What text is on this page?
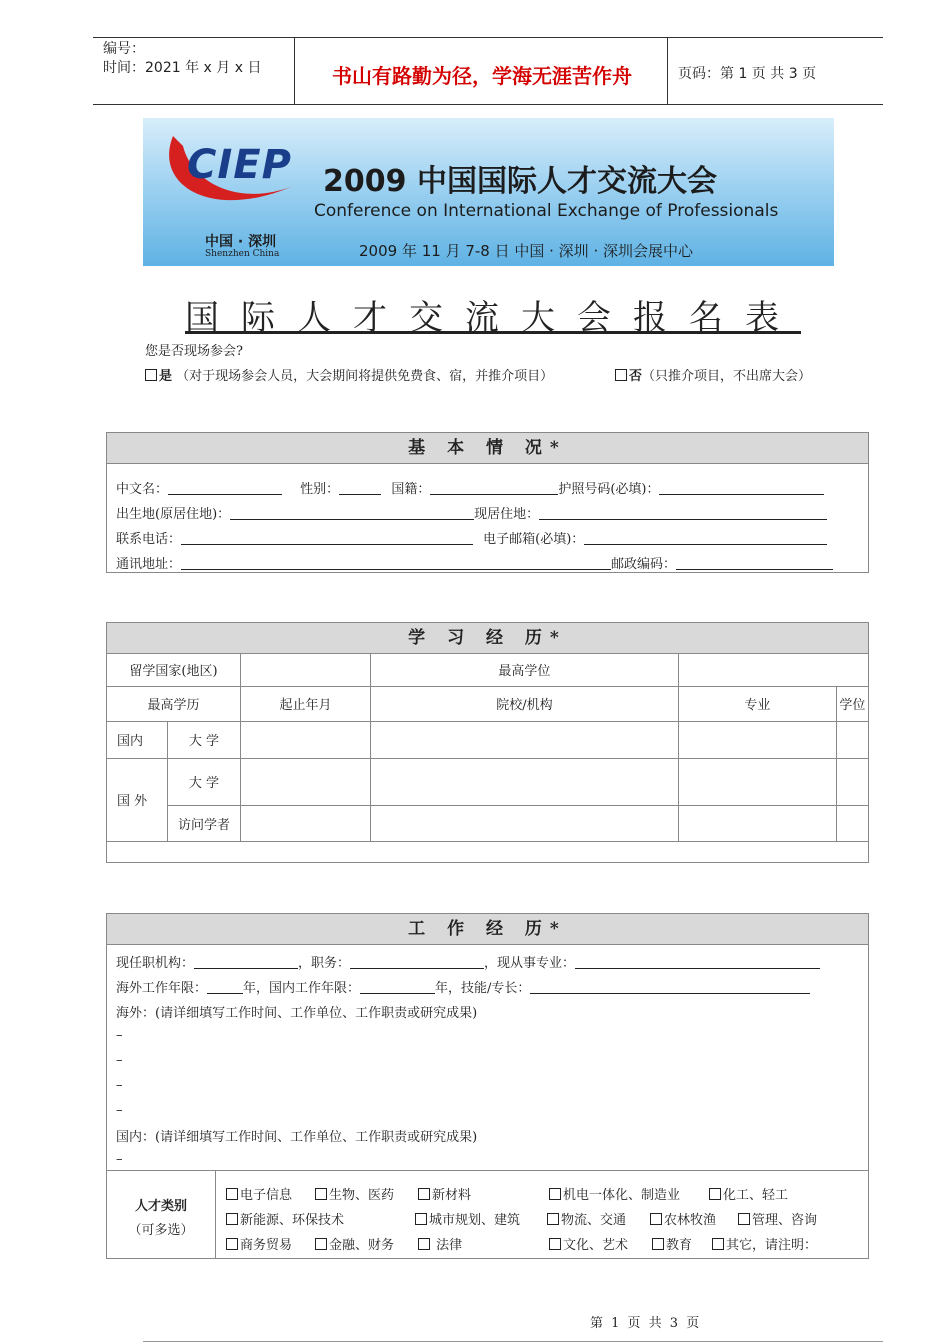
编号：
时间：2021 年 x 月 x 日	书山有路勤为径，学海无涯苦作舟	页码：第 1 页 共 3 页
CIEP 2009 中国国际人才交流大会
Conference on International Exchange of Professionals
中国 · 深圳
Shenzhen China	2009 年 11 月 7-8 日 中国 · 深圳 · 深圳会展中心
国际人才交流大会报名表
您是否现场参会?
是 （对于现场参会人员，大会期间将提供免费食、宿，并推介项目）	否（只推介项目，不出席大会）
基 本 情 况*
中文名：	性别：	国籍：	护照号码(必填)：
出生地(原居住地)：	现居住地：
联系电话：	电子邮箱(必填)：
通讯地址：	邮政编码：
学 习 经 历*
留学国家(地区)			最高学位		
最高学历		起止年月	院校/机构	专业	学位
国内	大 学				
国 外	大 学				
	访问学者				

工 作 经 历*
现任职机构：	，职务：	，现从事专业：
海外工作年限：	年，国内工作年限：	年，技能/专长：
海外：(请详细填写工作时间、工作单位、工作职责或研究成果)
–
–
–
–
国内：(请详细填写工作时间、工作单位、工作职责或研究成果)
–
人才类别
（可多选）
电子信息	生物、医药	新材料	机电一体化、制造业	化工、轻工
新能源、环保技术	城市规划、建筑	物流、交通	农林牧渔	管理、咨询
商务贸易	金融、财务	法律	文化、艺术	教育	其它，请注明：
第 1 页 共 3 页
